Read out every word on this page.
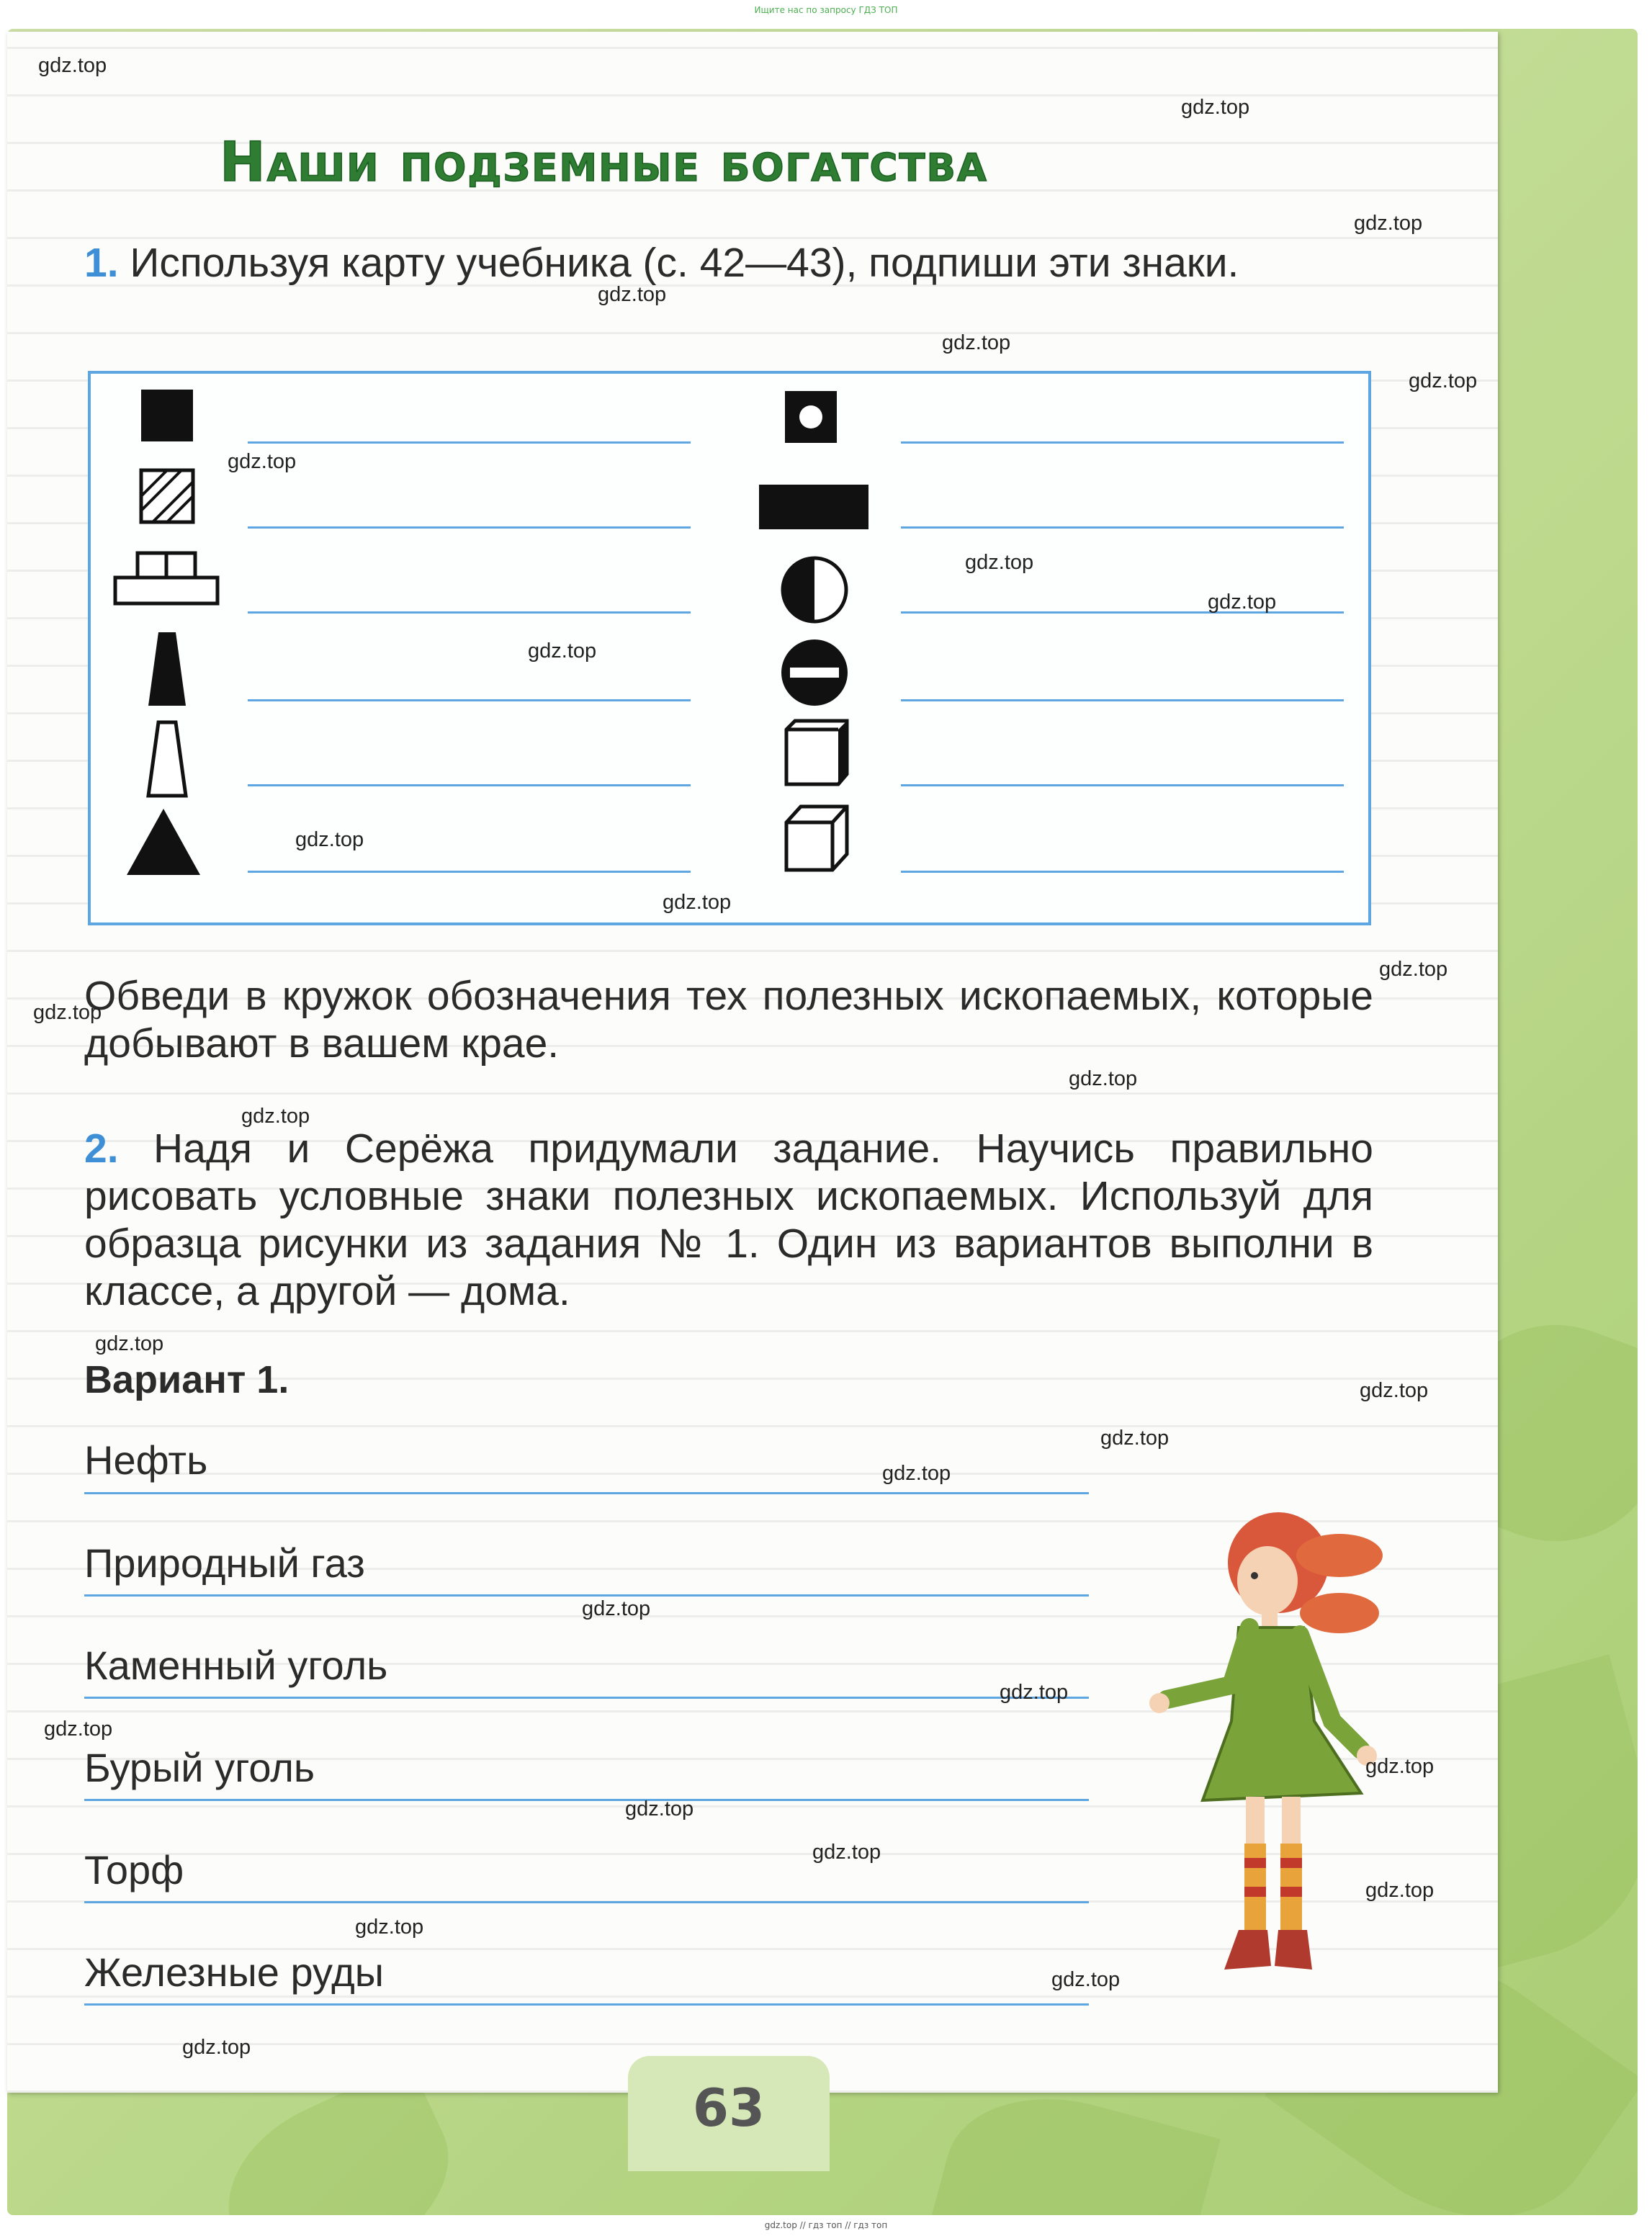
Ищите нас по запросу ГДЗ ТОП
Наши подземные богатства
1. Используя карту учебника (с. 42—43), подпиши эти знаки.
Обведи в кружок обозначения тех полезных ископаемых, которые добывают в вашем крае.
2. Надя и Серёжа придумали задание. Научись правильно рисовать условные знаки полезных ископаемых. Используй для образца рисунки из задания № 1. Один из вариантов выполни в классе, а другой — дома.
Вариант 1.
Нефть
Природный газ
Каменный уголь
Бурый уголь
Торф
Железные руды
63
gdz.top
gdz.top
gdz.top
gdz.top
gdz.top
gdz.top
gdz.top
gdz.top
gdz.top
gdz.top
gdz.top
gdz.top
gdz.top
gdz.top
gdz.top
gdz.top
gdz.top
gdz.top
gdz.top
gdz.top
gdz.top
gdz.top
gdz.top
gdz.top
gdz.top
gdz.top
gdz.top
gdz.top
gdz.top
gdz.top
gdz.top // гдз топ // гдз топ
